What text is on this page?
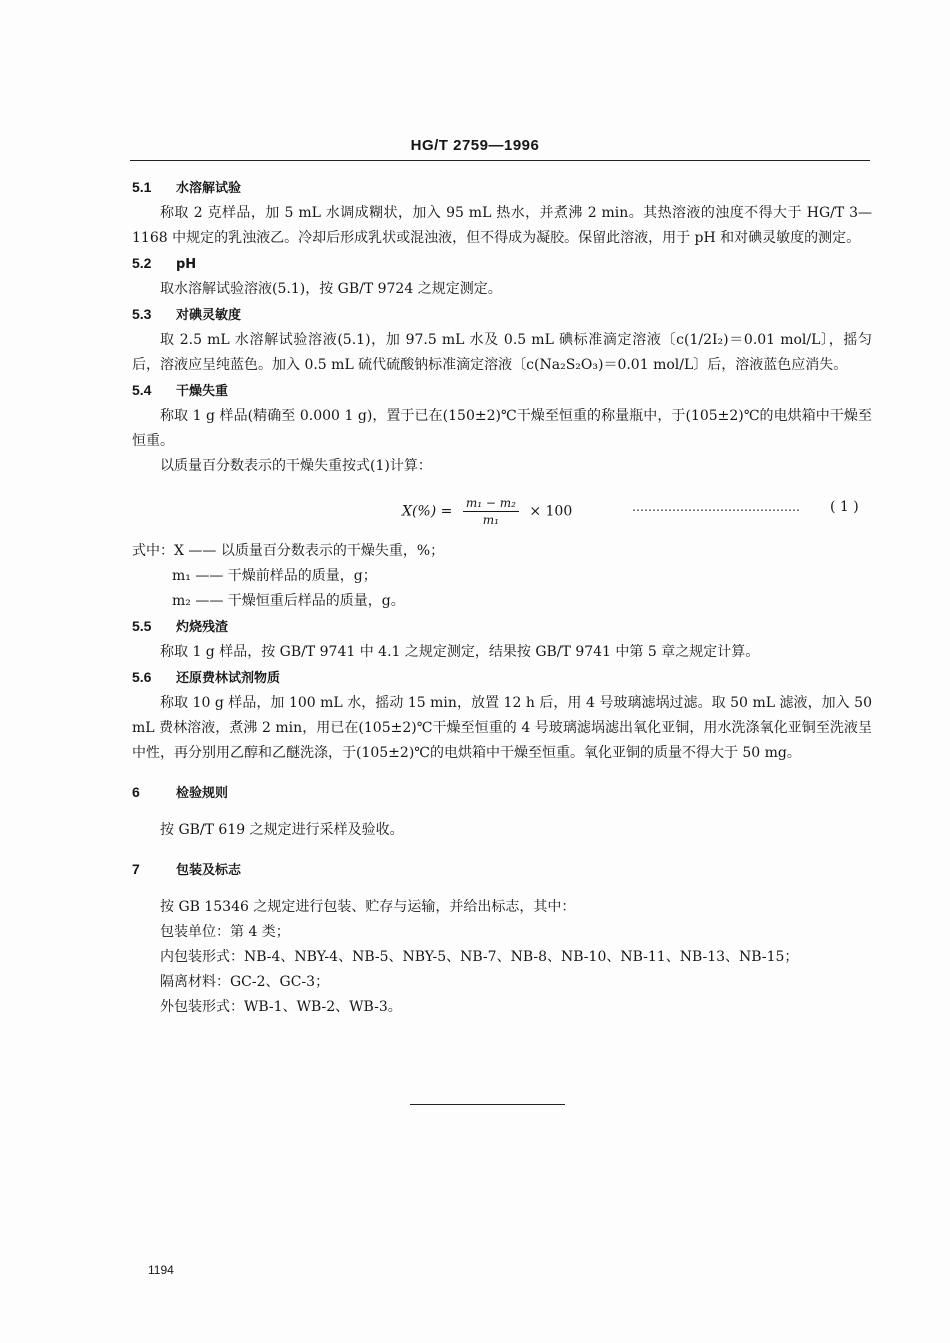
HG/T 2759—1996

5.1 水溶解试验

称取 2 克样品，加 5 mL 水调成糊状，加入 95 mL 热水，并煮沸 2 min。其热溶液的浊度不得大于 HG/T 3—1168 中规定的乳浊液乙。冷却后形成乳状或混浊液，但不得成为凝胶。保留此溶液，用于 pH 和对碘灵敏度的测定。

5.2 pH

取水溶解试验溶液(5.1)，按 GB/T 9724 之规定测定。

5.3 对碘灵敏度

取 2.5 mL 水溶解试验溶液(5.1)，加 97.5 mL 水及 0.5 mL 碘标准滴定溶液〔c(1/2I₂)＝0.01 mol/L〕，摇匀后，溶液应呈纯蓝色。加入 0.5 mL 硫代硫酸钠标准滴定溶液〔c(Na₂S₂O₃)＝0.01 mol/L〕后，溶液蓝色应消失。

5.4 干燥失重

称取 1 g 样品(精确至 0.000 1 g)，置于已在(150±2)℃干燥至恒重的称量瓶中，于(105±2)℃的电烘箱中干燥至恒重。

以质量百分数表示的干燥失重按式(1)计算：

$X(\%) = \frac{\text{m₁ − m₂}}{\text{m₁}} \times 100$	…………………………………… ( 1 )

式中：X —— 以质量百分数表示的干燥失重，%；

m₁ —— 干燥前样品的质量，g；

m₂ —— 干燥恒重后样品的质量，g。

5.5 灼烧残渣

称取 1 g 样品，按 GB/T 9741 中 4.1 之规定测定，结果按 GB/T 9741 中第 5 章之规定计算。

5.6 还原费林试剂物质

称取 10 g 样品，加 100 mL 水，摇动 15 min，放置 12 h 后，用 4 号玻璃滤埚过滤。取 50 mL 滤液，加入 50 mL 费林溶液，煮沸 2 min，用已在(105±2)℃干燥至恒重的 4 号玻璃滤埚滤出氧化亚铜，用水洗涤氧化亚铜至洗液呈中性，再分别用乙醇和乙醚洗涤，于(105±2)℃的电烘箱中干燥至恒重。氧化亚铜的质量不得大于 50 mg。

6	检验规则

按 GB/T 619 之规定进行采样及验收。

7	包装及标志

按 GB 15346 之规定进行包装、贮存与运输，并给出标志，其中：

包装单位：第 4 类；

内包装形式：NB-4、NBY-4、NB-5、NBY-5、NB-7、NB-8、NB-10、NB-11、NB-13、NB-15；

隔离材料：GC-2、GC-3；

外包装形式：WB-1、WB-2、WB-3。

1194
